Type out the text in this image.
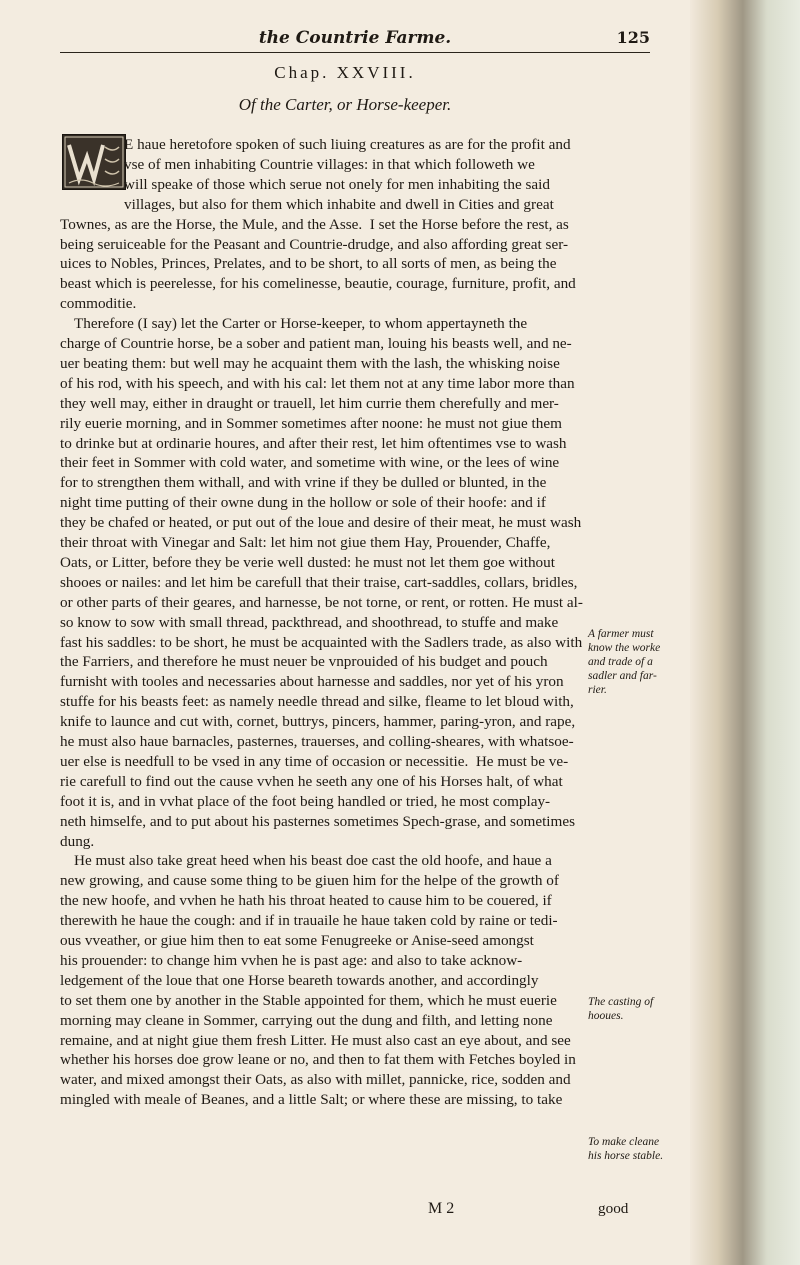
the Countrie Farme.	125
Chap. XXVIII.
Of the Carter, or Horse-keeper.
E haue heretofore spoken of such liuing creatures as are for the profit and
vse of men inhabiting Countrie villages: in that which followeth we
will speake of those which serue not onely for men inhabiting the said
villages, but also for them which inhabite and dwell in Cities and great
Townes, as are the Horse, the Mule, and the Asse.  I set the Horse before the rest, as
being seruiceable for the Peasant and Countrie-drudge, and also affording great ser-
uices to Nobles, Princes, Prelates, and to be short, to all sorts of men, as being the
beast which is peerelesse, for his comelinesse, beautie, courage, furniture, profit, and
commoditie.
Therefore (I say) let the Carter or Horse-keeper, to whom appertayneth the
charge of Countrie horse, be a sober and patient man, louing his beasts well, and ne-
uer beating them: but well may he acquaint them with the lash, the whisking noise
of his rod, with his speech, and with his cal: let them not at any time labor more than
they well may, either in draught or trauell, let him currie them cherefully and mer-
rily euerie morning, and in Sommer sometimes after noone: he must not giue them
to drinke but at ordinarie houres, and after their rest, let him oftentimes vse to wash
their feet in Sommer with cold water, and sometime with wine, or the lees of wine
for to strengthen them withall, and with vrine if they be dulled or blunted, in the
night time putting of their owne dung in the hollow or sole of their hoofe: and if
they be chafed or heated, or put out of the loue and desire of their meat, he must wash
their throat with Vinegar and Salt: let him not giue them Hay, Prouender, Chaffe,
Oats, or Litter, before they be verie well dusted: he must not let them goe without
shooes or nailes: and let him be carefull that their traise, cart-saddles, collars, bridles,
or other parts of their geares, and harnesse, be not torne, or rent, or rotten. He must al-
so know to sow with small thread, packthread, and shoothread, to stuffe and make
fast his saddles: to be short, he must be acquainted with the Sadlers trade, as also with
the Farriers, and therefore he must neuer be vnprouided of his budget and pouch
furnisht with tooles and necessaries about harnesse and saddles, nor yet of his yron
stuffe for his beasts feet: as namely needle thread and silke, fleame to let bloud with,
knife to launce and cut with, cornet, buttrys, pincers, hammer, paring-yron, and rape,
he must also haue barnacles, pasternes, trauerses, and colling-sheares, with whatsoe-
uer else is needfull to be vsed in any time of occasion or necessitie.  He must be ve-
rie carefull to find out the cause vvhen he seeth any one of his Horses halt, of what
foot it is, and in vvhat place of the foot being handled or tried, he most complay-
neth himselfe, and to put about his pasternes sometimes Spech-grase, and sometimes
dung.
He must also take great heed when his beast doe cast the old hoofe, and haue a
new growing, and cause some thing to be giuen him for the helpe of the growth of
the new hoofe, and vvhen he hath his throat heated to cause him to be couered, if
therewith he haue the cough: and if in trauaile he haue taken cold by raine or tedi-
ous vveather, or giue him then to eat some Fenugreeke or Anise-seed amongst
his prouender: to change him vvhen he is past age: and also to take acknow-
ledgement of the loue that one Horse beareth towards another, and accordingly
to set them one by another in the Stable appointed for them, which he must euerie
morning may cleane in Sommer, carrying out the dung and filth, and letting none
remaine, and at night giue them fresh Litter. He must also cast an eye about, and see
whether his horses doe grow leane or no, and then to fat them with Fetches boyled in
water, and mixed amongst their Oats, as also with millet, pannicke, rice, sodden and
mingled with meale of Beanes, and a little Salt; or where these are missing, to take
A farmer must
know the worke
and trade of a
sadler and far-
rier.
The casting of
hooues.
To make cleane
his horse stable.
M 2	good
